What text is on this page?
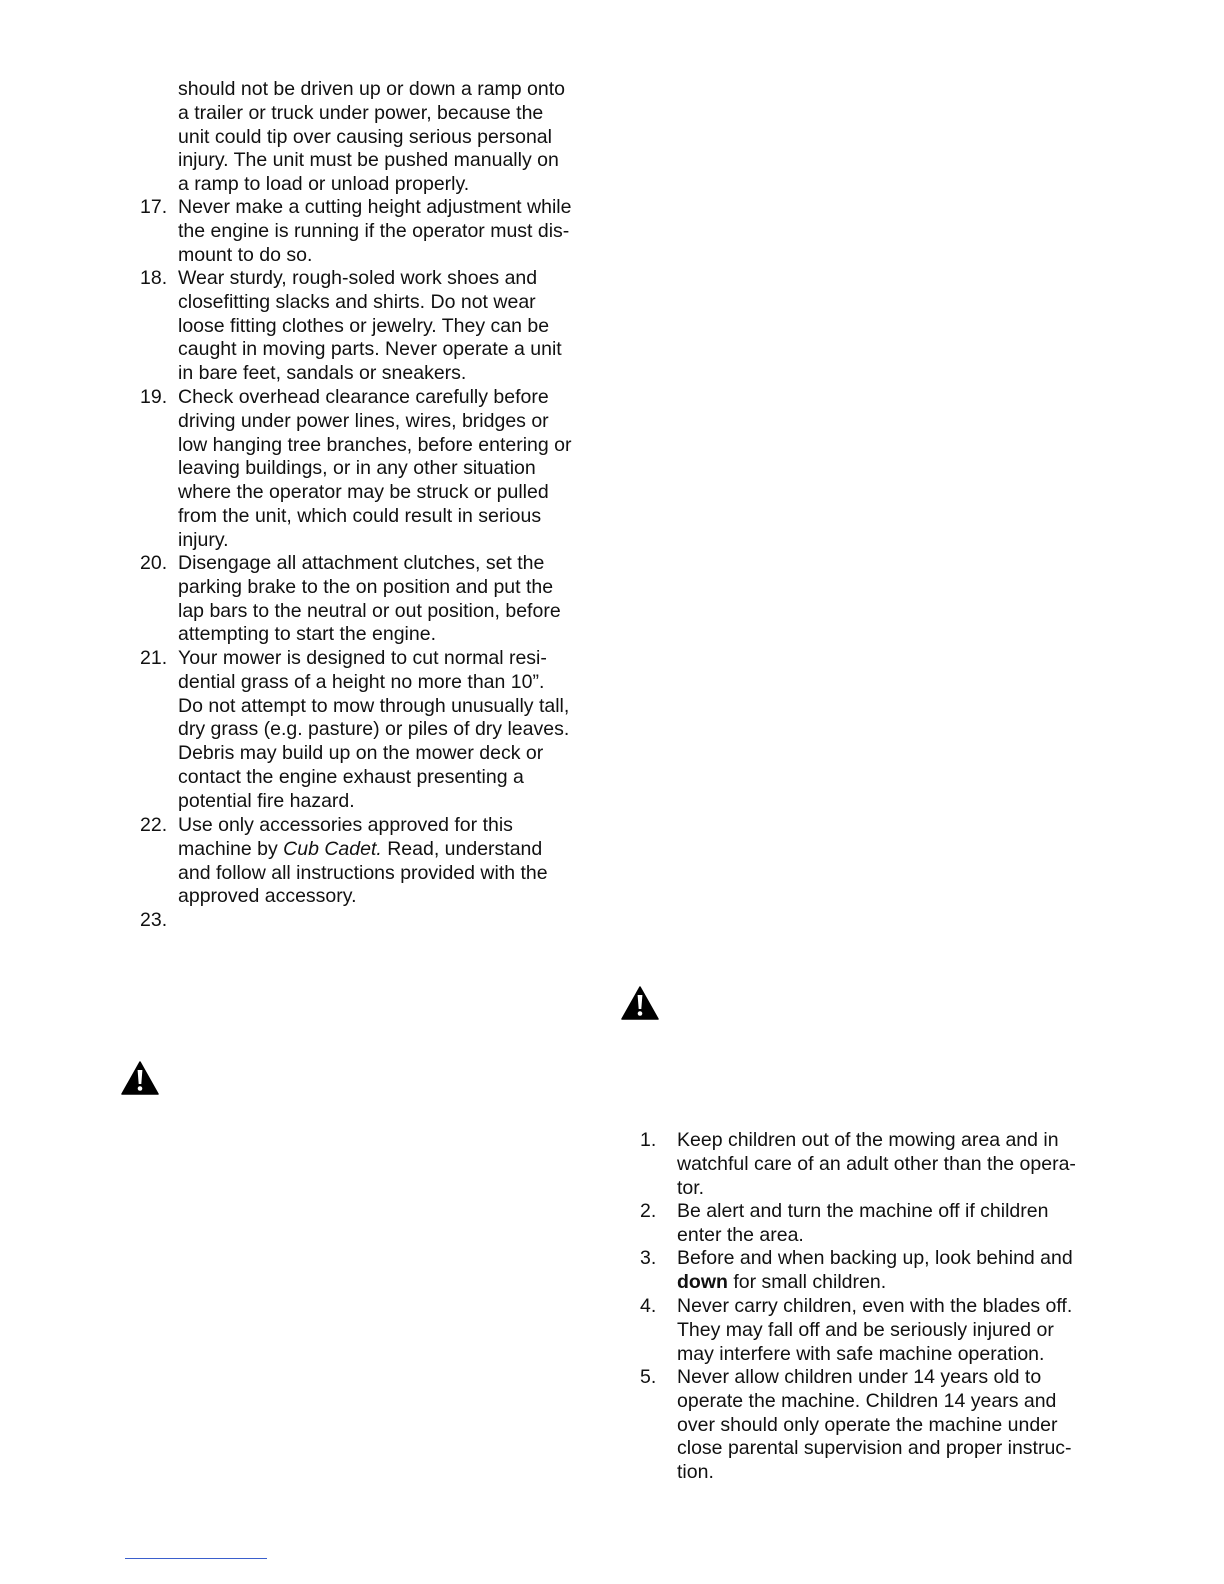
should not be driven up or down a ramp onto
a trailer or truck under power, because the
unit could tip over causing serious personal
injury. The unit must be pushed manually on
a ramp to load or unload properly.
17. Never make a cutting height adjustment while
the engine is running if the operator must dis-
mount to do so.
18. Wear sturdy, rough-soled work shoes and
closefitting slacks and shirts. Do not wear
loose fitting clothes or jewelry. They can be
caught in moving parts. Never operate a unit
in bare feet, sandals or sneakers.
19. Check overhead clearance carefully before
driving under power lines, wires, bridges or
low hanging tree branches, before entering or
leaving buildings, or in any other situation
where the operator may be struck or pulled
from the unit, which could result in serious
injury.
20. Disengage all attachment clutches, set the
parking brake to the on position and put the
lap bars to the neutral or out position, before
attempting to start the engine.
21. Your mower is designed to cut normal resi-
dential grass of a height no more than 10”.
Do not attempt to mow through unusually tall,
dry grass (e.g. pasture) or piles of dry leaves.
Debris may build up on the mower deck or
contact the engine exhaust presenting a
potential fire hazard.
22. Use only accessories approved for this
machine by Cub Cadet. Read, understand
and follow all instructions provided with the
approved accessory.
23.
1. Keep children out of the mowing area and in
watchful care of an adult other than the opera-
tor.
2. Be alert and turn the machine off if children
enter the area.
3. Before and when backing up, look behind and
down for small children.
4. Never carry children, even with the blades off.
They may fall off and be seriously injured or
may interfere with safe machine operation.
5. Never allow children under 14 years old to
operate the machine. Children 14 years and
over should only operate the machine under
close parental supervision and proper instruc-
tion.
